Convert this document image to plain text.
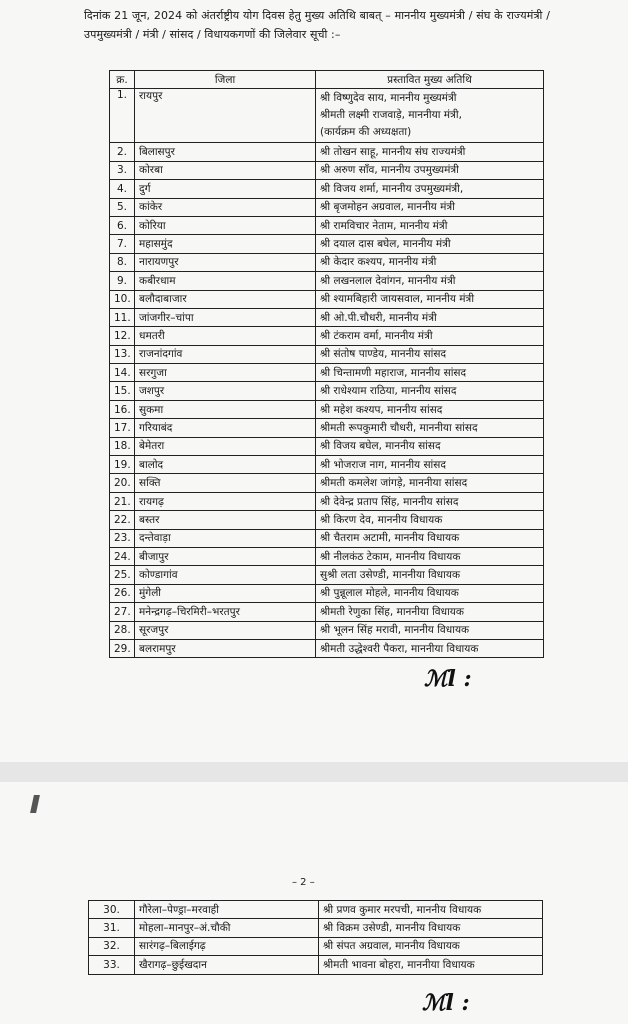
दिनांक 21 जून, 2024 को अंतर्राष्ट्रीय योग दिवस हेतु मुख्य अतिथि बाबत् – माननीय मुख्यमंत्री / संघ के राज्यमंत्री / उपमुख्यमंत्री / मंत्री / सांसद / विधायकगणों की जिलेवार सूची :–
क्र.	जिला	प्रस्तावित मुख्य अतिथि
1.	रायपुर	श्री विष्णुदेव साय, माननीय मुख्यमंत्री
श्रीमती लक्ष्मी राजवाड़े, माननीया मंत्री,
(कार्यक्रम की अध्यक्षता)

2.	बिलासपुर	श्री तोखन साहू, माननीय संघ राज्यमंत्री
3.	कोरबा	श्री अरुण साँव, माननीय उपमुख्यमंत्री
4.	दुर्ग	श्री विजय शर्मा, माननीय उपमुख्यमंत्री,
5.	कांकेर	श्री बृजमोहन अग्रवाल, माननीय मंत्री
6.	कोरिया	श्री रामविचार नेताम, माननीय मंत्री
7.	महासमुंद	श्री दयाल दास बघेल, माननीय मंत्री
8.	नारायणपुर	श्री केदार कश्यप, माननीय मंत्री
9.	कबीरधाम	श्री लखनलाल देवांगन, माननीय मंत्री
10.	बलौदाबाजार	श्री श्यामबिहारी जायसवाल, माननीय मंत्री
11.	जांजगीर–चांपा	श्री ओ.पी.चौधरी, माननीय मंत्री
12.	धमतरी	श्री टंकराम वर्मा, माननीय मंत्री
13.	राजनांदगांव	श्री संतोष पाण्डेय, माननीय सांसद
14.	सरगुजा	श्री चिन्तामणी महाराज, माननीय सांसद
15.	जशपुर	श्री राधेश्याम राठिया, माननीय सांसद
16.	सुकमा	श्री महेश कश्यप, माननीय सांसद
17.	गरियाबंद	श्रीमती रूपकुमारी चौधरी, माननीया सांसद
18.	बेमेतरा	श्री विजय बघेल, माननीय सांसद
19.	बालोद	श्री भोजराज नाग, माननीय सांसद
20.	सक्ति	श्रीमती कमलेश जांगड़े, माननीया सांसद
21.	रायगढ़	श्री देवेन्द्र प्रताप सिंह, माननीय सांसद
22.	बस्तर	श्री किरण देव, माननीय विधायक
23.	दन्तेवाड़ा	श्री चैतराम अटामी, माननीय विधायक
24.	बीजापुर	श्री नीलकंठ टेकाम, माननीय विधायक
25.	कोण्डागांव	सुश्री लता उसेण्डी, माननीया विधायक
26.	मुंगेली	श्री पुन्नूलाल मोहले, माननीय विधायक
27.	मनेन्द्रगढ़–चिरमिरी–भरतपुर	श्रीमती रेणुका सिंह, माननीया विधायक
28.	सूरजपुर	श्री भूलन सिंह मरावी, माननीय विधायक
29.	बलरामपुर	श्रीमती उद्धेश्वरी पैकरा, माननीया विधायक
ℳl :
– 2 –
30.	गौरेला–पेण्ड्रा–मरवाही	श्री प्रणव कुमार मरपची, माननीय विधायक
31.	मोहला–मानपुर–अं.चौकी	श्री विक्रम उसेण्डी, माननीय विधायक
32.	सारंगढ़–बिलाईगढ़	श्री संपत अग्रवाल, माननीय विधायक
33.	खैरागढ़–छुईखदान	श्रीमती भावना बोहरा, माननीया विधायक
ℳl :
